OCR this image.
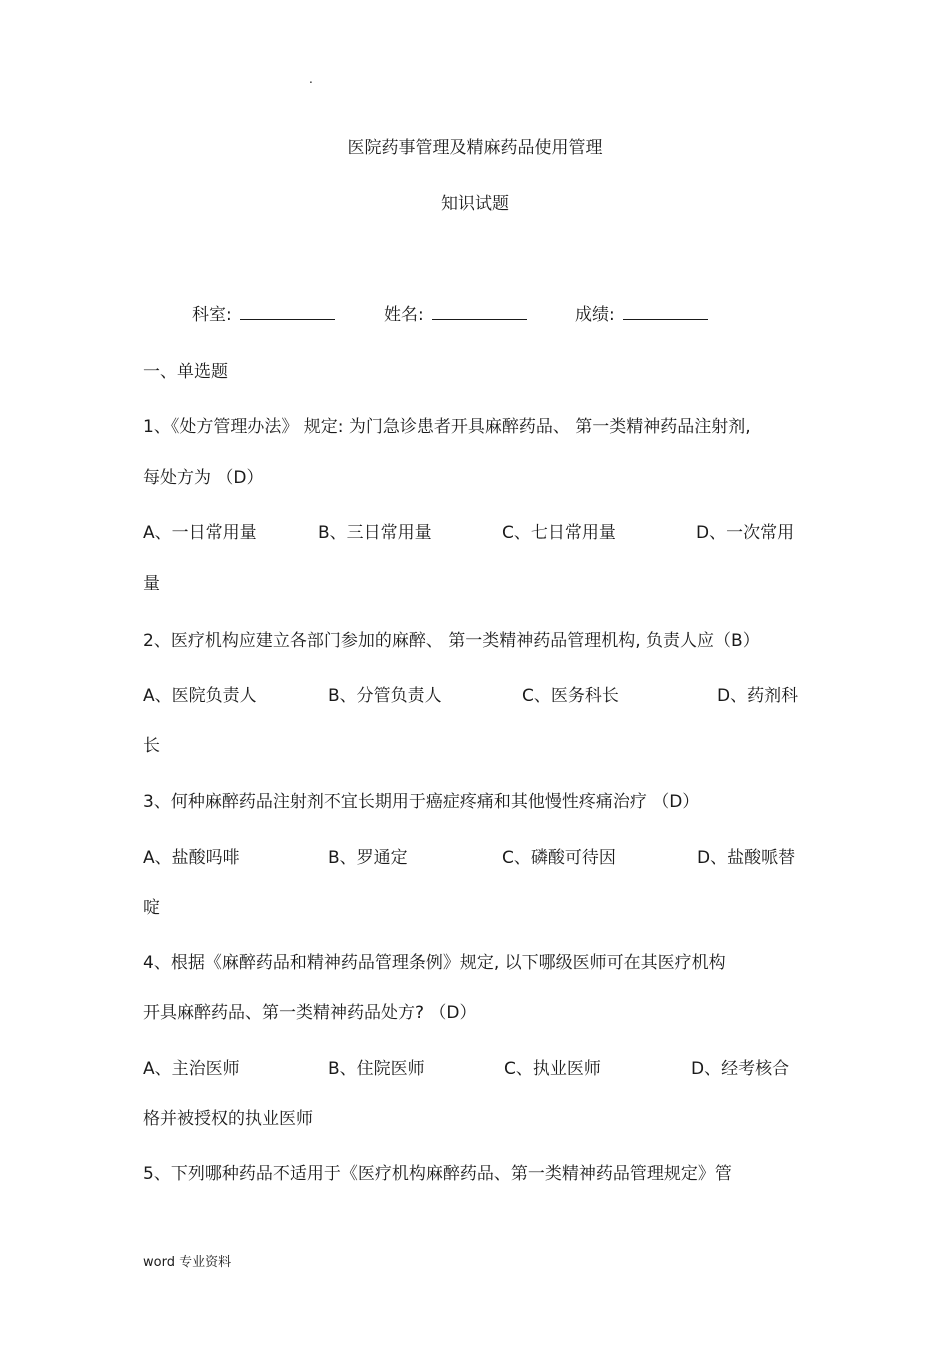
.
医院药事管理及精麻药品使用管理
知识试题
科室:	姓名:	成绩:
一、单选题
1、《处方管理办法》 规定: 为门急诊患者开具麻醉药品、 第一类精神药品注射剂,
每处方为 （D）
A、一日常用量	B、三日常用量	C、七日常用量	D、一次常用
量
2、医疗机构应建立各部门参加的麻醉、 第一类精神药品管理机构, 负责人应（B）
A、医院负责人	B、分管负责人	C、医务科长	D、药剂科
长
3、何种麻醉药品注射剂不宜长期用于癌症疼痛和其他慢性疼痛治疗 （D）
A、盐酸吗啡	B、罗通定	C、磷酸可待因	D、盐酸哌替
啶
4、根据《麻醉药品和精神药品管理条例》规定, 以下哪级医师可在其医疗机构
开具麻醉药品、第一类精神药品处方? （D）
A、主治医师	B、住院医师	C、执业医师	D、经考核合
格并被授权的执业医师
5、下列哪种药品不适用于《医疗机构麻醉药品、第一类精神药品管理规定》管
word 专业资料
